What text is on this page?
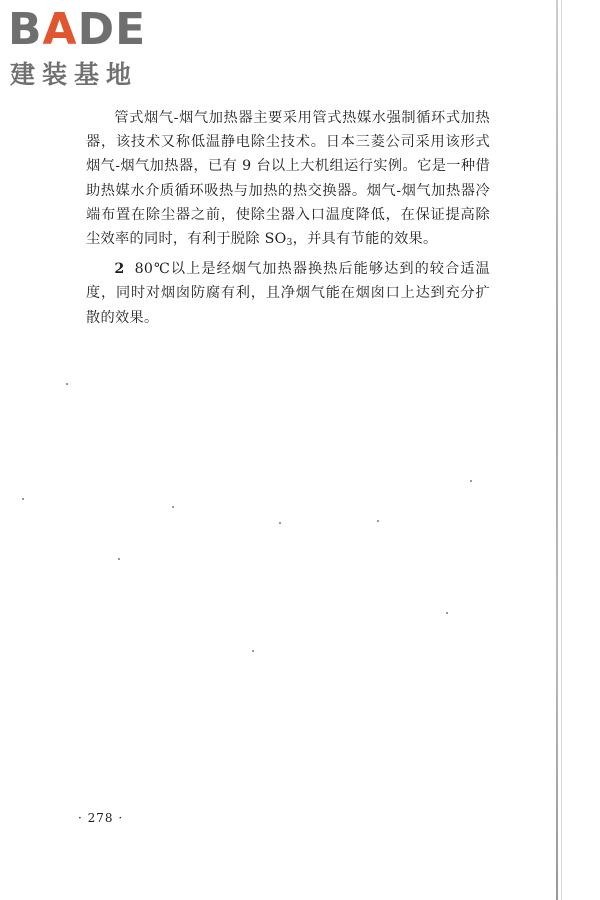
BADE
建装基地

管式烟气-烟气加热器主要采用管式热媒水强制循环式加热器，该技术又称低温静电除尘技术。日本三菱公司采用该形式烟气-烟气加热器，已有 9 台以上大机组运行实例。它是一种借助热媒水介质循环吸热与加热的热交换器。烟气-烟气加热器冷端布置在除尘器之前，使除尘器入口温度降低，在保证提高除尘效率的同时，有利于脱除 $SO_3$，并具有节能的效果。

2 80℃以上是经烟气加热器换热后能够达到的较合适温度，同时对烟囱防腐有利，且净烟气能在烟囱口上达到充分扩散的效果。

· 278 ·
